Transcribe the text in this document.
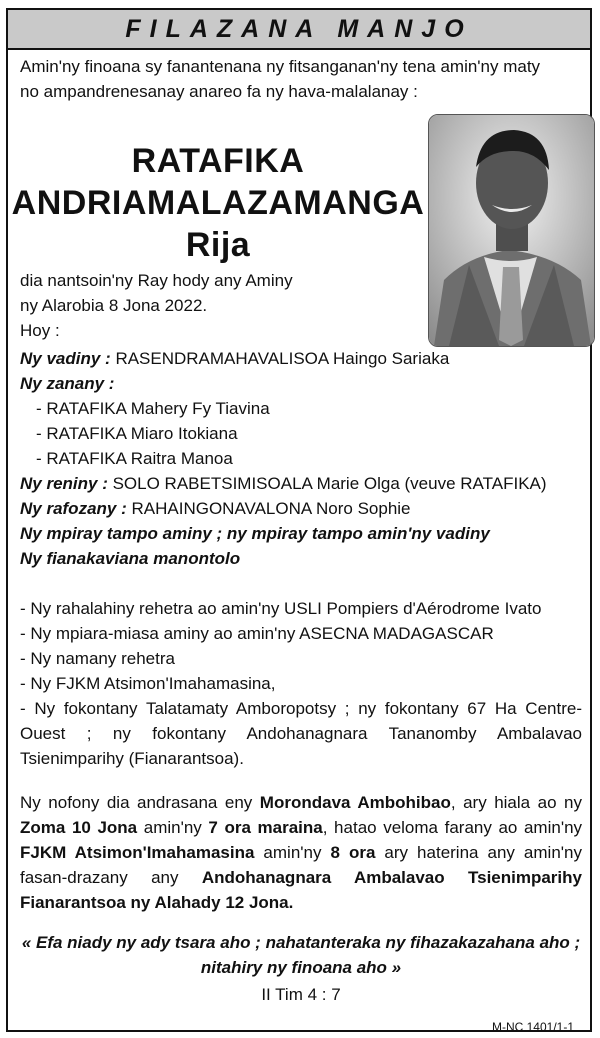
FILAZANA MANJO
Amin'ny finoana sy fanantenana ny fitsanganan'ny tena amin'ny maty
no ampandrenesanay anareo fa ny hava-malalanay :
RATAFIKA
ANDRIAMALAZAMANGA
Rija
dia nantsoin'ny Ray hody any Aminy
ny Alarobia 8 Jona 2022.
Hoy :
Ny vadiny : RASENDRAMAHAVALISOA Haingo Sariaka
Ny zanany :
- RATAFIKA Mahery Fy Tiavina
- RATAFIKA Miaro Itokiana
- RATAFIKA Raitra Manoa
Ny reniny : SOLO RABETSIMISOALA Marie Olga (veuve RATAFIKA)
Ny rafozany : RAHAINGONAVALONA Noro Sophie
Ny mpiray tampo aminy ; ny mpiray tampo amin'ny vadiny
Ny fianakaviana manontolo
- Ny rahalahiny rehetra ao amin'ny USLI Pompiers d'Aérodrome Ivato
- Ny mpiara-miasa aminy ao amin'ny ASECNA MADAGASCAR
- Ny namany rehetra
- Ny FJKM Atsimon'Imahamasina,
- Ny fokontany Talatamaty Amboropotsy ; ny fokontany 67 Ha Centre-Ouest ; ny fokontany Andohanagnara Tananomby Ambalavao Tsienimparihy (Fianarantsoa).
Ny nofony dia andrasana eny Morondava Ambohibao, ary hiala ao ny Zoma 10 Jona amin'ny 7 ora maraina, hatao veloma farany ao amin'ny FJKM Atsimon'Imahamasina amin'ny 8 ora ary haterina any amin'ny fasan-drazany any Andohanagnara Ambalavao Tsienimparihy Fianarantsoa ny Alahady 12 Jona.
« Efa niady ny ady tsara aho ; nahatanteraka ny fihazakazahana aho ; nitahiry ny finoana aho »
II Tim 4 : 7
M-NC 1401/1-1
